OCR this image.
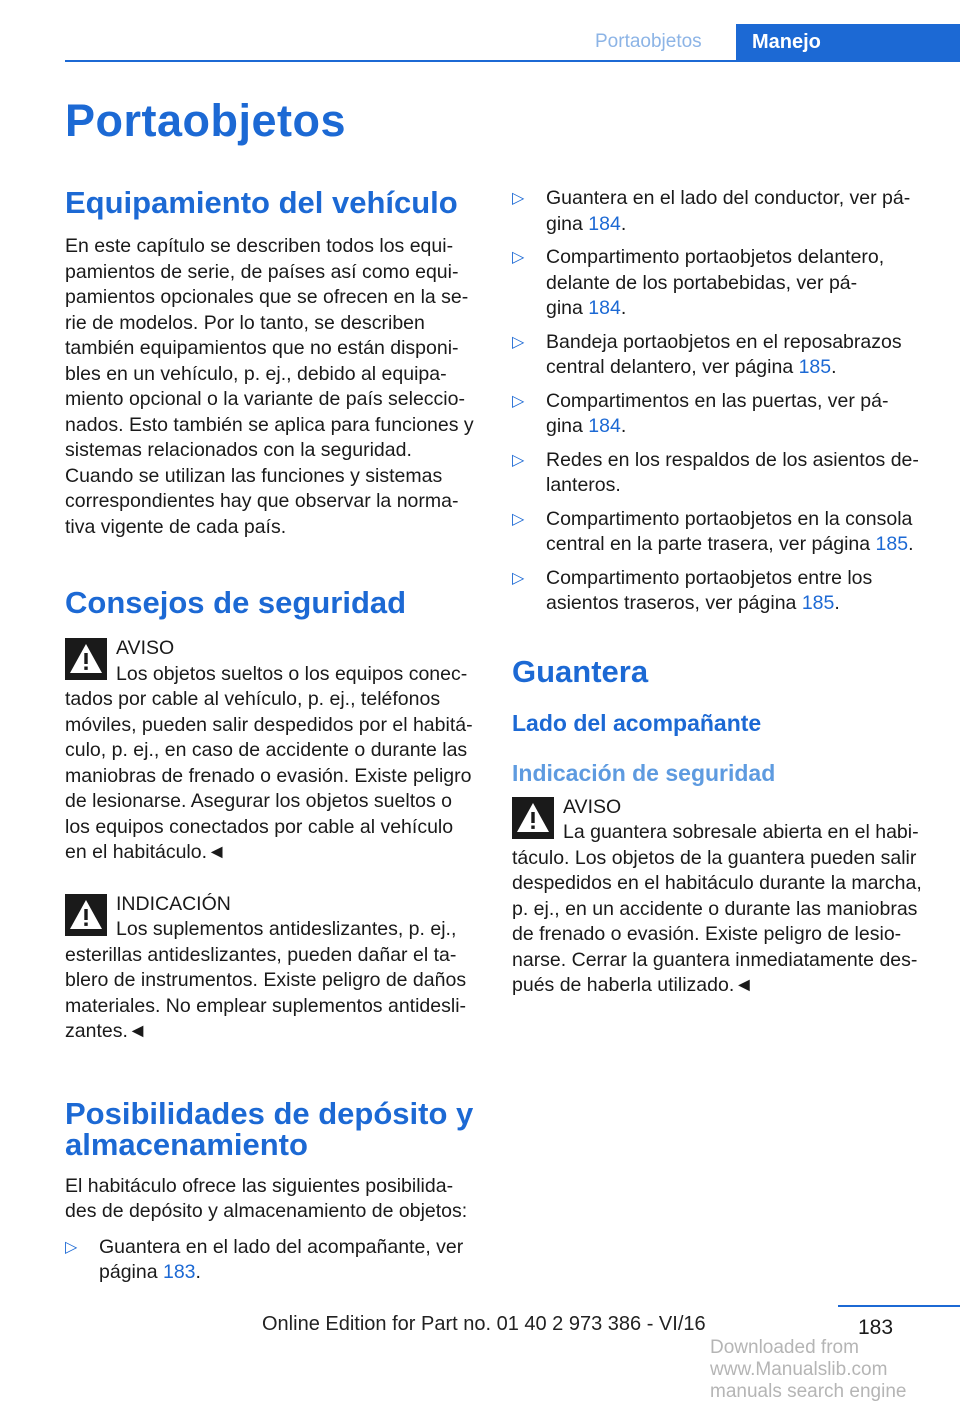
Portaobjetos	Manejo
Portaobjetos
Equipamiento del vehículo

En este capítulo se describen todos los equi-

pamientos de serie, de países así como equi-

pamientos opcionales que se ofrecen en la se-

rie de modelos. Por lo tanto, se describen

también equipamientos que no están disponi-

bles en un vehículo, p. ej., debido al equipa-

miento opcional o la variante de país seleccio-

nados. Esto también se aplica para funciones y

sistemas relacionados con la seguridad.

Cuando se utilizan las funciones y sistemas

correspondientes hay que observar la norma-

tiva vigente de cada país.

Consejos de seguridad
AVISO

Los objetos sueltos o los equipos conec-

tados por cable al vehículo, p. ej., teléfonos

móviles, pueden salir despedidos por el habitá-

culo, p. ej., en caso de accidente o durante las

maniobras de frenado o evasión. Existe peligro

de lesionarse. Asegurar los objetos sueltos o

los equipos conectados por cable al vehículo

en el habitáculo.◄

INDICACIÓN

Los suplementos antideslizantes, p. ej.,

esterillas antideslizantes, pueden dañar el ta-

blero de instrumentos. Existe peligro de daños

materiales. No emplear suplementos antidesli-

zantes.◄

Posibilidades de depósito y
almacenamiento

El habitáculo ofrece las siguientes posibilida-

des de depósito y almacenamiento de objetos:

▷ Guantera en el lado del acompañante, ver
página 183.
▷ Guantera en el lado del conductor, ver pá-
gina 184.
▷ Compartimento portaobjetos delantero,
delante de los portabebidas, ver pá-
gina 184.
▷ Bandeja portaobjetos en el reposabrazos
central delantero, ver página 185.
▷ Compartimentos en las puertas, ver pá-
gina 184.
▷ Redes en los respaldos de los asientos de-
lanteros.
▷ Compartimento portaobjetos en la consola
central en la parte trasera, ver página 185.
▷ Compartimento portaobjetos entre los
asientos traseros, ver página 185.
Guantera
Lado del acompañante
Indicación de seguridad
AVISO

La guantera sobresale abierta en el habi-

táculo. Los objetos de la guantera pueden salir

despedidos en el habitáculo durante la marcha,

p. ej., en un accidente o durante las maniobras

de frenado o evasión. Existe peligro de lesio-

narse. Cerrar la guantera inmediatamente des-

pués de haberla utilizado.◄

183
Online Edition for Part no. 01 40 2 973 386 - VI/16
Downloaded from www.Manualslib.com manuals search engine
